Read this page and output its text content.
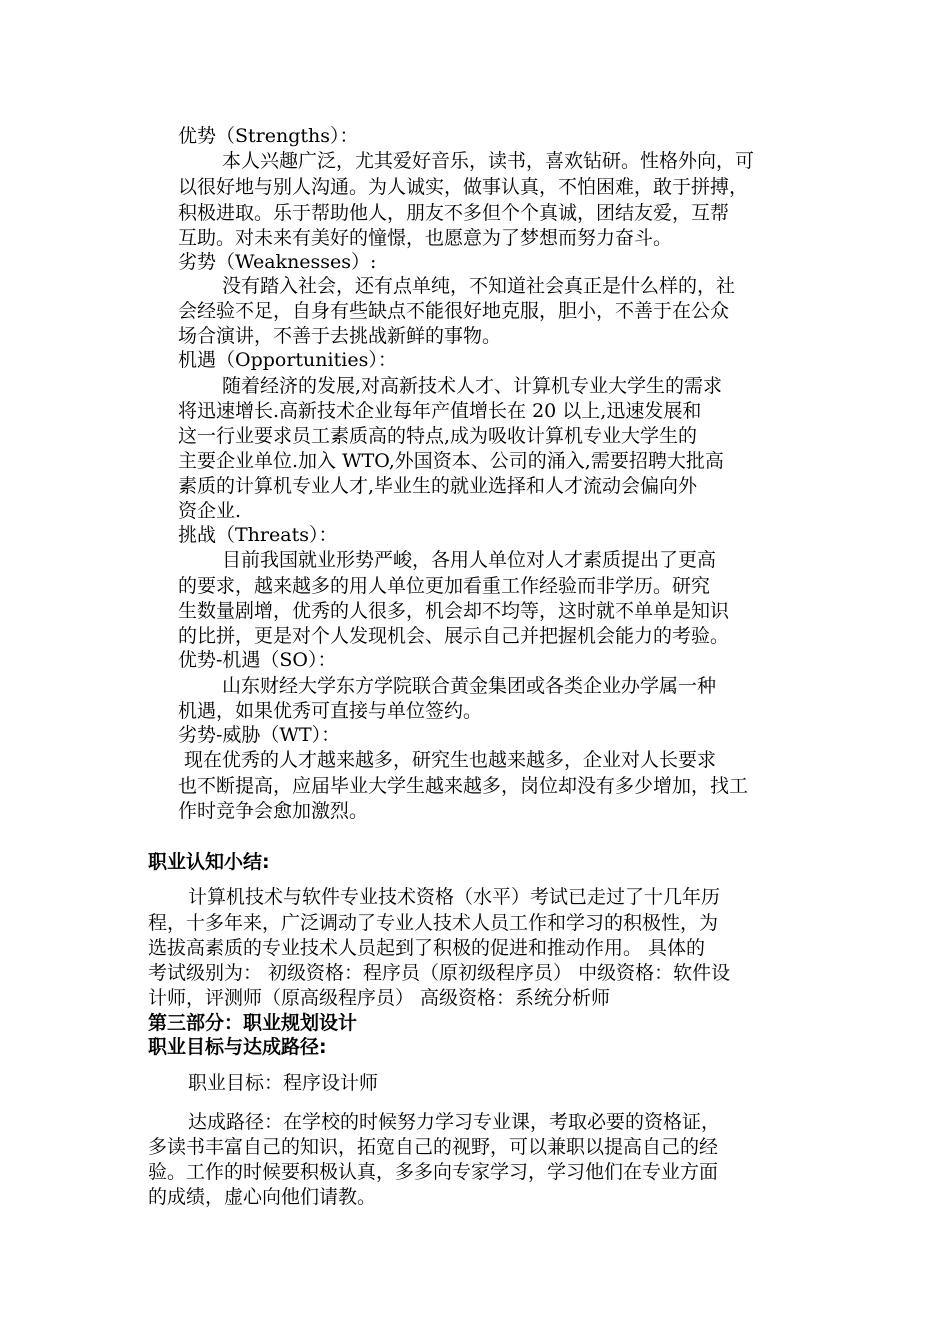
优势（Strengths）：
本人兴趣广泛，尤其爱好音乐，读书，喜欢钻研。性格外向，可
以很好地与别人沟通。为人诚实，做事认真，不怕困难，敢于拼搏，
积极进取。乐于帮助他人，朋友不多但个个真诚，团结友爱，互帮
互助。对未来有美好的憧憬，也愿意为了梦想而努力奋斗。
劣势（Weaknesses）:
没有踏入社会，还有点单纯，不知道社会真正是什么样的，社
会经验不足，自身有些缺点不能很好地克服，胆小，不善于在公众
场合演讲，不善于去挑战新鲜的事物。
机遇（Opportunities）：
随着经济的发展,对高新技术人才、计算机专业大学生的需求
将迅速增长.高新技术企业每年产值增长在 20 以上,迅速发展和
这一行业要求员工素质高的特点,成为吸收计算机专业大学生的
主要企业单位.加入 WTO,外国资本、公司的涌入,需要招聘大批高
素质的计算机专业人才,毕业生的就业选择和人才流动会偏向外
资企业.
挑战（Threats）：
目前我国就业形势严峻，各用人单位对人才素质提出了更高
的要求，越来越多的用人单位更加看重工作经验而非学历。研究
生数量剧增，优秀的人很多，机会却不均等，这时就不单单是知识
的比拼，更是对个人发现机会、展示自己并把握机会能力的考验。
优势-机遇（SO）：
山东财经大学东方学院联合黄金集团或各类企业办学属一种
机遇，如果优秀可直接与单位签约。
劣势-威胁（WT）：
现在优秀的人才越来越多，研究生也越来越多，企业对人长要求
也不断提高，应届毕业大学生越来越多，岗位却没有多少增加，找工
作时竞争会愈加激烈。
职业认知小结:
计算机技术与软件专业技术资格（水平）考试已走过了十几年历
程，十多年来，广泛调动了专业人技术人员工作和学习的积极性，为
选拔高素质的专业技术人员起到了积极的促进和推动作用。 具体的
考试级别为： 初级资格：程序员（原初级程序员） 中级资格：软件设
计师，评测师（原高级程序员） 高级资格：系统分析师
第三部分：职业规划设计
职业目标与达成路径:
职业目标：程序设计师
达成路径：在学校的时候努力学习专业课，考取必要的资格证，
多读书丰富自己的知识，拓宽自己的视野，可以兼职以提高自己的经
验。工作的时候要积极认真，多多向专家学习，学习他们在专业方面
的成绩，虚心向他们请教。
